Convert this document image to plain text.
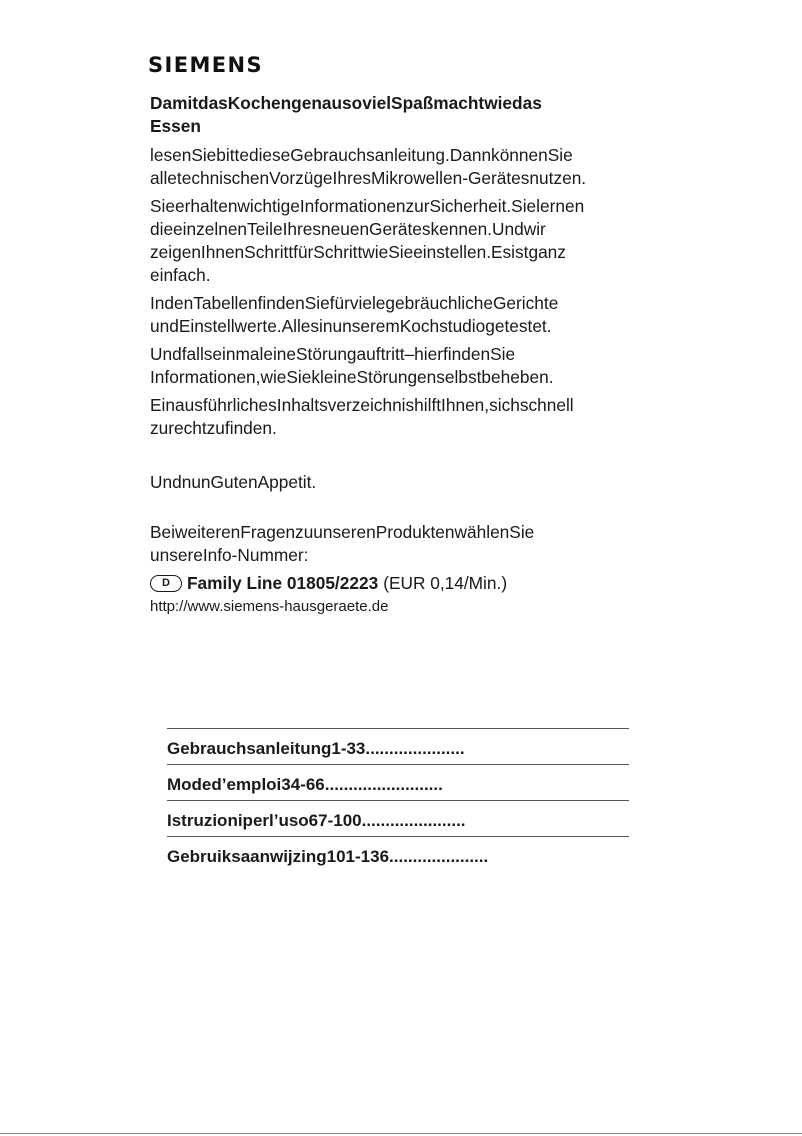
SIEMENS
DamitdasKochengenausovielSpaßmachtwiedas
Essen
lesenSiebittedieseGebrauchsanleitung.DannkönnenSie
alletechnischenVorzügeIhresMikrowellen-Gerätesnutzen.
SieerhaltenwichtigeInformationenzurSicherheit.Sielernen
dieeinzelnenTeileIhresneuenGeräteskennen.Undwir
zeigenIhnenSchrittfürSchrittwieSieeinstellen.Esistganz
einfach.
IndenTabellenfindenSiefürvielegebräuchlicheGerichte
undEinstellwerte.AllesinunseremKochstudiogetestet.
UndfallseinmaleineStörungauftritt–hierfindenSie
Informationen,wieSiekleineStörungenselbstbeheben.
EinausführlichesInhaltsverzeichnishilftIhnen,sichschnell
zurechtzufinden.
UndnunGutenAppetit.
BeiweiterenFragenzuunserenProduktenwählenSie
unsereInfo-Nummer:
D Family Line 01805/2223 (EUR 0,14/Min.)
http://www.siemens-hausgeraete.de
Gebrauchsanleitung1-33.....................
Moded’emploi34-66.........................
Istruzioniperl’uso67-100......................
Gebruiksaanwijzing101-136.....................
